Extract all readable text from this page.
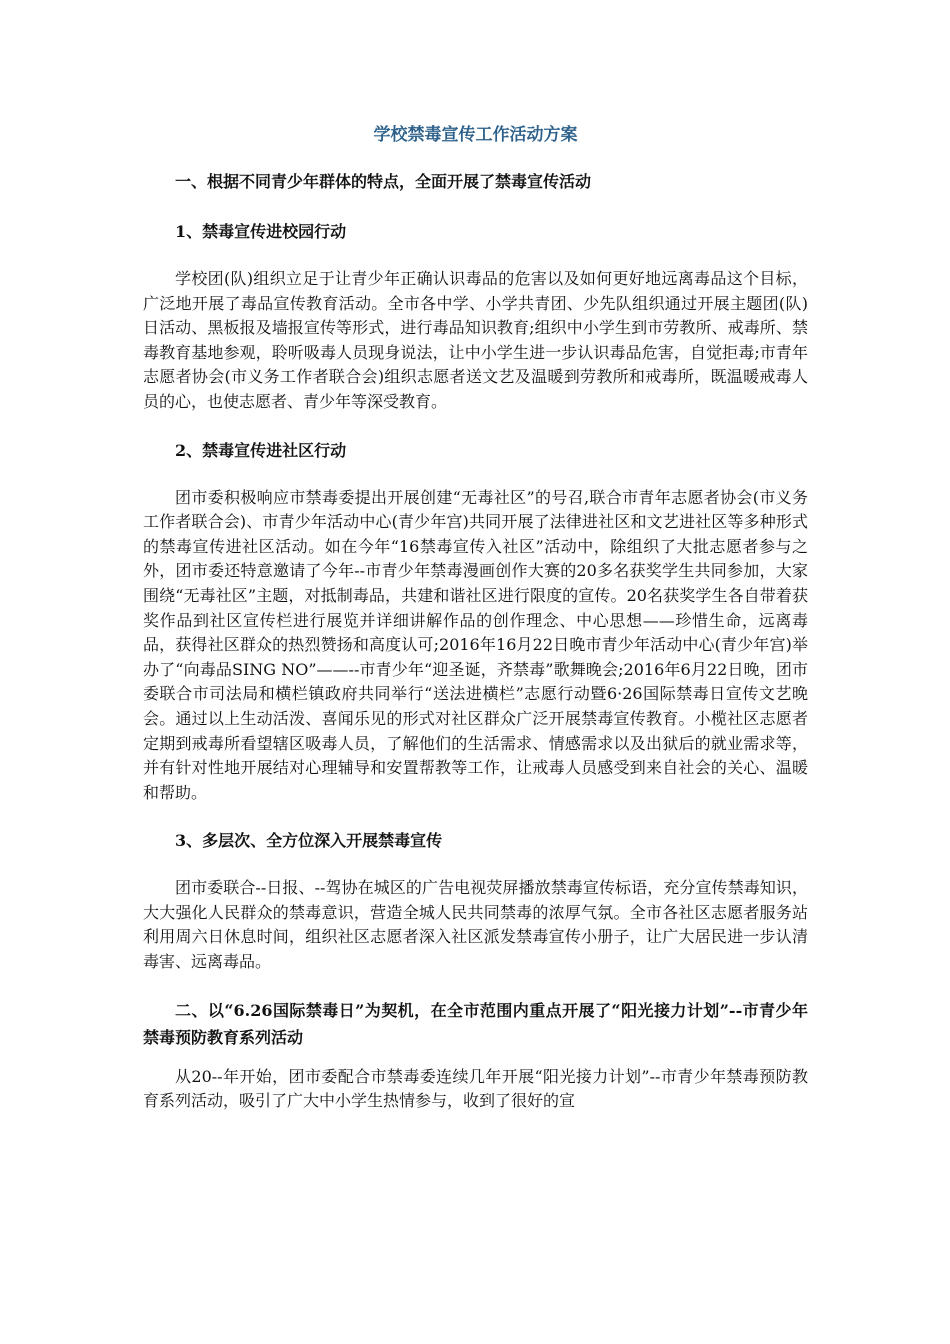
学校禁毒宣传工作活动方案
一、根据不同青少年群体的特点，全面开展了禁毒宣传活动
1、禁毒宣传进校园行动
学校团(队)组织立足于让青少年正确认识毒品的危害以及如何更好地远离毒品这个目标，广泛地开展了毒品宣传教育活动。全市各中学、小学共青团、少先队组织通过开展主题团(队)日活动、黑板报及墙报宣传等形式，进行毒品知识教育;组织中小学生到市劳教所、戒毒所、禁毒教育基地参观，聆听吸毒人员现身说法，让中小学生进一步认识毒品危害，自觉拒毒;市青年志愿者协会(市义务工作者联合会)组织志愿者送文艺及温暖到劳教所和戒毒所，既温暖戒毒人员的心，也使志愿者、青少年等深受教育。
2、禁毒宣传进社区行动
团市委积极响应市禁毒委提出开展创建“无毒社区”的号召,联合市青年志愿者协会(市义务工作者联合会)、市青少年活动中心(青少年宫)共同开展了法律进社区和文艺进社区等多种形式的禁毒宣传进社区活动。如在今年“16禁毒宣传入社区”活动中，除组织了大批志愿者参与之外，团市委还特意邀请了今年--市青少年禁毒漫画创作大赛的20多名获奖学生共同参加，大家围绕“无毒社区”主题，对抵制毒品，共建和谐社区进行限度的宣传。20名获奖学生各自带着获奖作品到社区宣传栏进行展览并详细讲解作品的创作理念、中心思想——珍惜生命，远离毒品，获得社区群众的热烈赞扬和高度认可;2016年16月22日晚市青少年活动中心(青少年宫)举办了“向毒品SING NO”——--市青少年“迎圣诞，齐禁毒”歌舞晚会;2016年6月22日晚，团市委联合市司法局和横栏镇政府共同举行“送法进横栏”志愿行动暨6·26国际禁毒日宣传文艺晚会。通过以上生动活泼、喜闻乐见的形式对社区群众广泛开展禁毒宣传教育。小榄社区志愿者定期到戒毒所看望辖区吸毒人员，了解他们的生活需求、情感需求以及出狱后的就业需求等，并有针对性地开展结对心理辅导和安置帮教等工作，让戒毒人员感受到来自社会的关心、温暖和帮助。
3、多层次、全方位深入开展禁毒宣传
团市委联合--日报、--驾协在城区的广告电视荧屏播放禁毒宣传标语，充分宣传禁毒知识，大大强化人民群众的禁毒意识，营造全城人民共同禁毒的浓厚气氛。全市各社区志愿者服务站利用周六日休息时间，组织社区志愿者深入社区派发禁毒宣传小册子，让广大居民进一步认清毒害、远离毒品。
二、以“6.26国际禁毒日”为契机，在全市范围内重点开展了“阳光接力计划”--市青少年禁毒预防教育系列活动
从20--年开始，团市委配合市禁毒委连续几年开展“阳光接力计划”--市青少年禁毒预防教育系列活动，吸引了广大中小学生热情参与，收到了很好的宣
